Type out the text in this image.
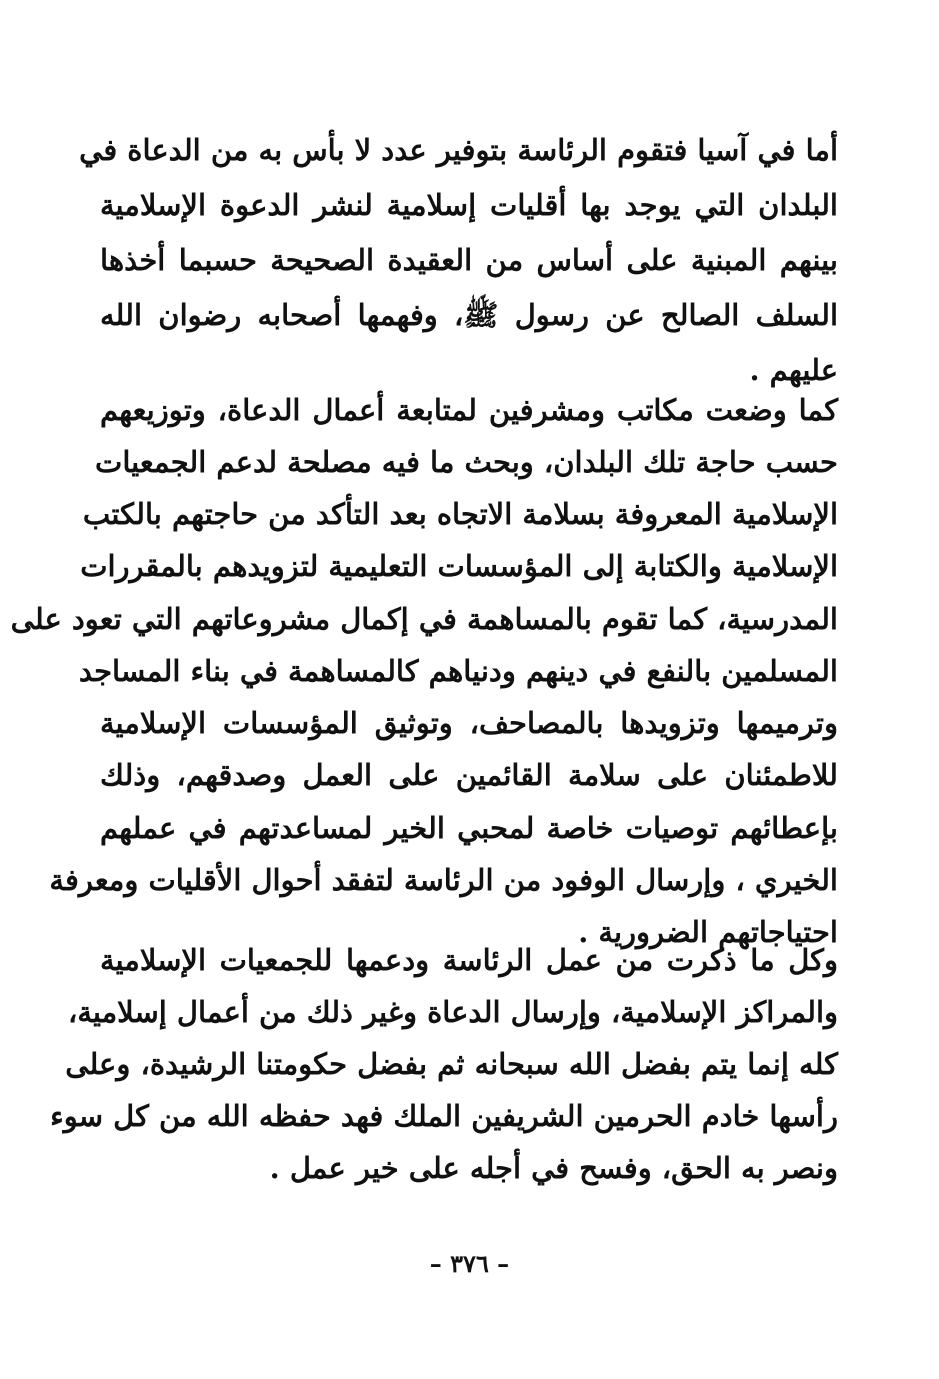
أما في آسيا فتقوم الرئاسة بتوفير عدد لا بأس به من الدعاة في
البلدان التي يوجد بها أقليات إسلامية لنشر الدعوة الإسلامية
بينهم المبنية على أساس من العقيدة الصحيحة حسبما أخذها
السلف الصالح عن رسول ﷺ، وفهمها أصحابه رضوان الله
عليهم .
كما وضعت مكاتب ومشرفين لمتابعة أعمال الدعاة، وتوزيعهم
حسب حاجة تلك البلدان، وبحث ما فيه مصلحة لدعم الجمعيات
الإسلامية المعروفة بسلامة الاتجاه بعد التأكد من حاجتهم بالكتب
الإسلامية والكتابة إلى المؤسسات التعليمية لتزويدهم بالمقررات
المدرسية، كما تقوم بالمساهمة في إكمال مشروعاتهم التي تعود على
المسلمين بالنفع في دينهم ودنياهم كالمساهمة في بناء المساجد
وترميمها وتزويدها بالمصاحف، وتوثيق المؤسسات الإسلامية
للاطمئنان على سلامة القائمين على العمل وصدقهم، وذلك
بإعطائهم توصيات خاصة لمحبي الخير لمساعدتهم في عملهم
الخيري ، وإرسال الوفود من الرئاسة لتفقد أحوال الأقليات ومعرفة
احتياجاتهم الضرورية .
وكل ما ذكرت من عمل الرئاسة ودعمها للجمعيات الإسلامية
والمراكز الإسلامية، وإرسال الدعاة وغير ذلك من أعمال إسلامية،
كله إنما يتم بفضل الله سبحانه ثم بفضل حكومتنا الرشيدة، وعلى
رأسها خادم الحرمين الشريفين الملك فهد حفظه الله من كل سوء
ونصر به الحق، وفسح في أجله على خير عمل .
– ٣٧٦ –
